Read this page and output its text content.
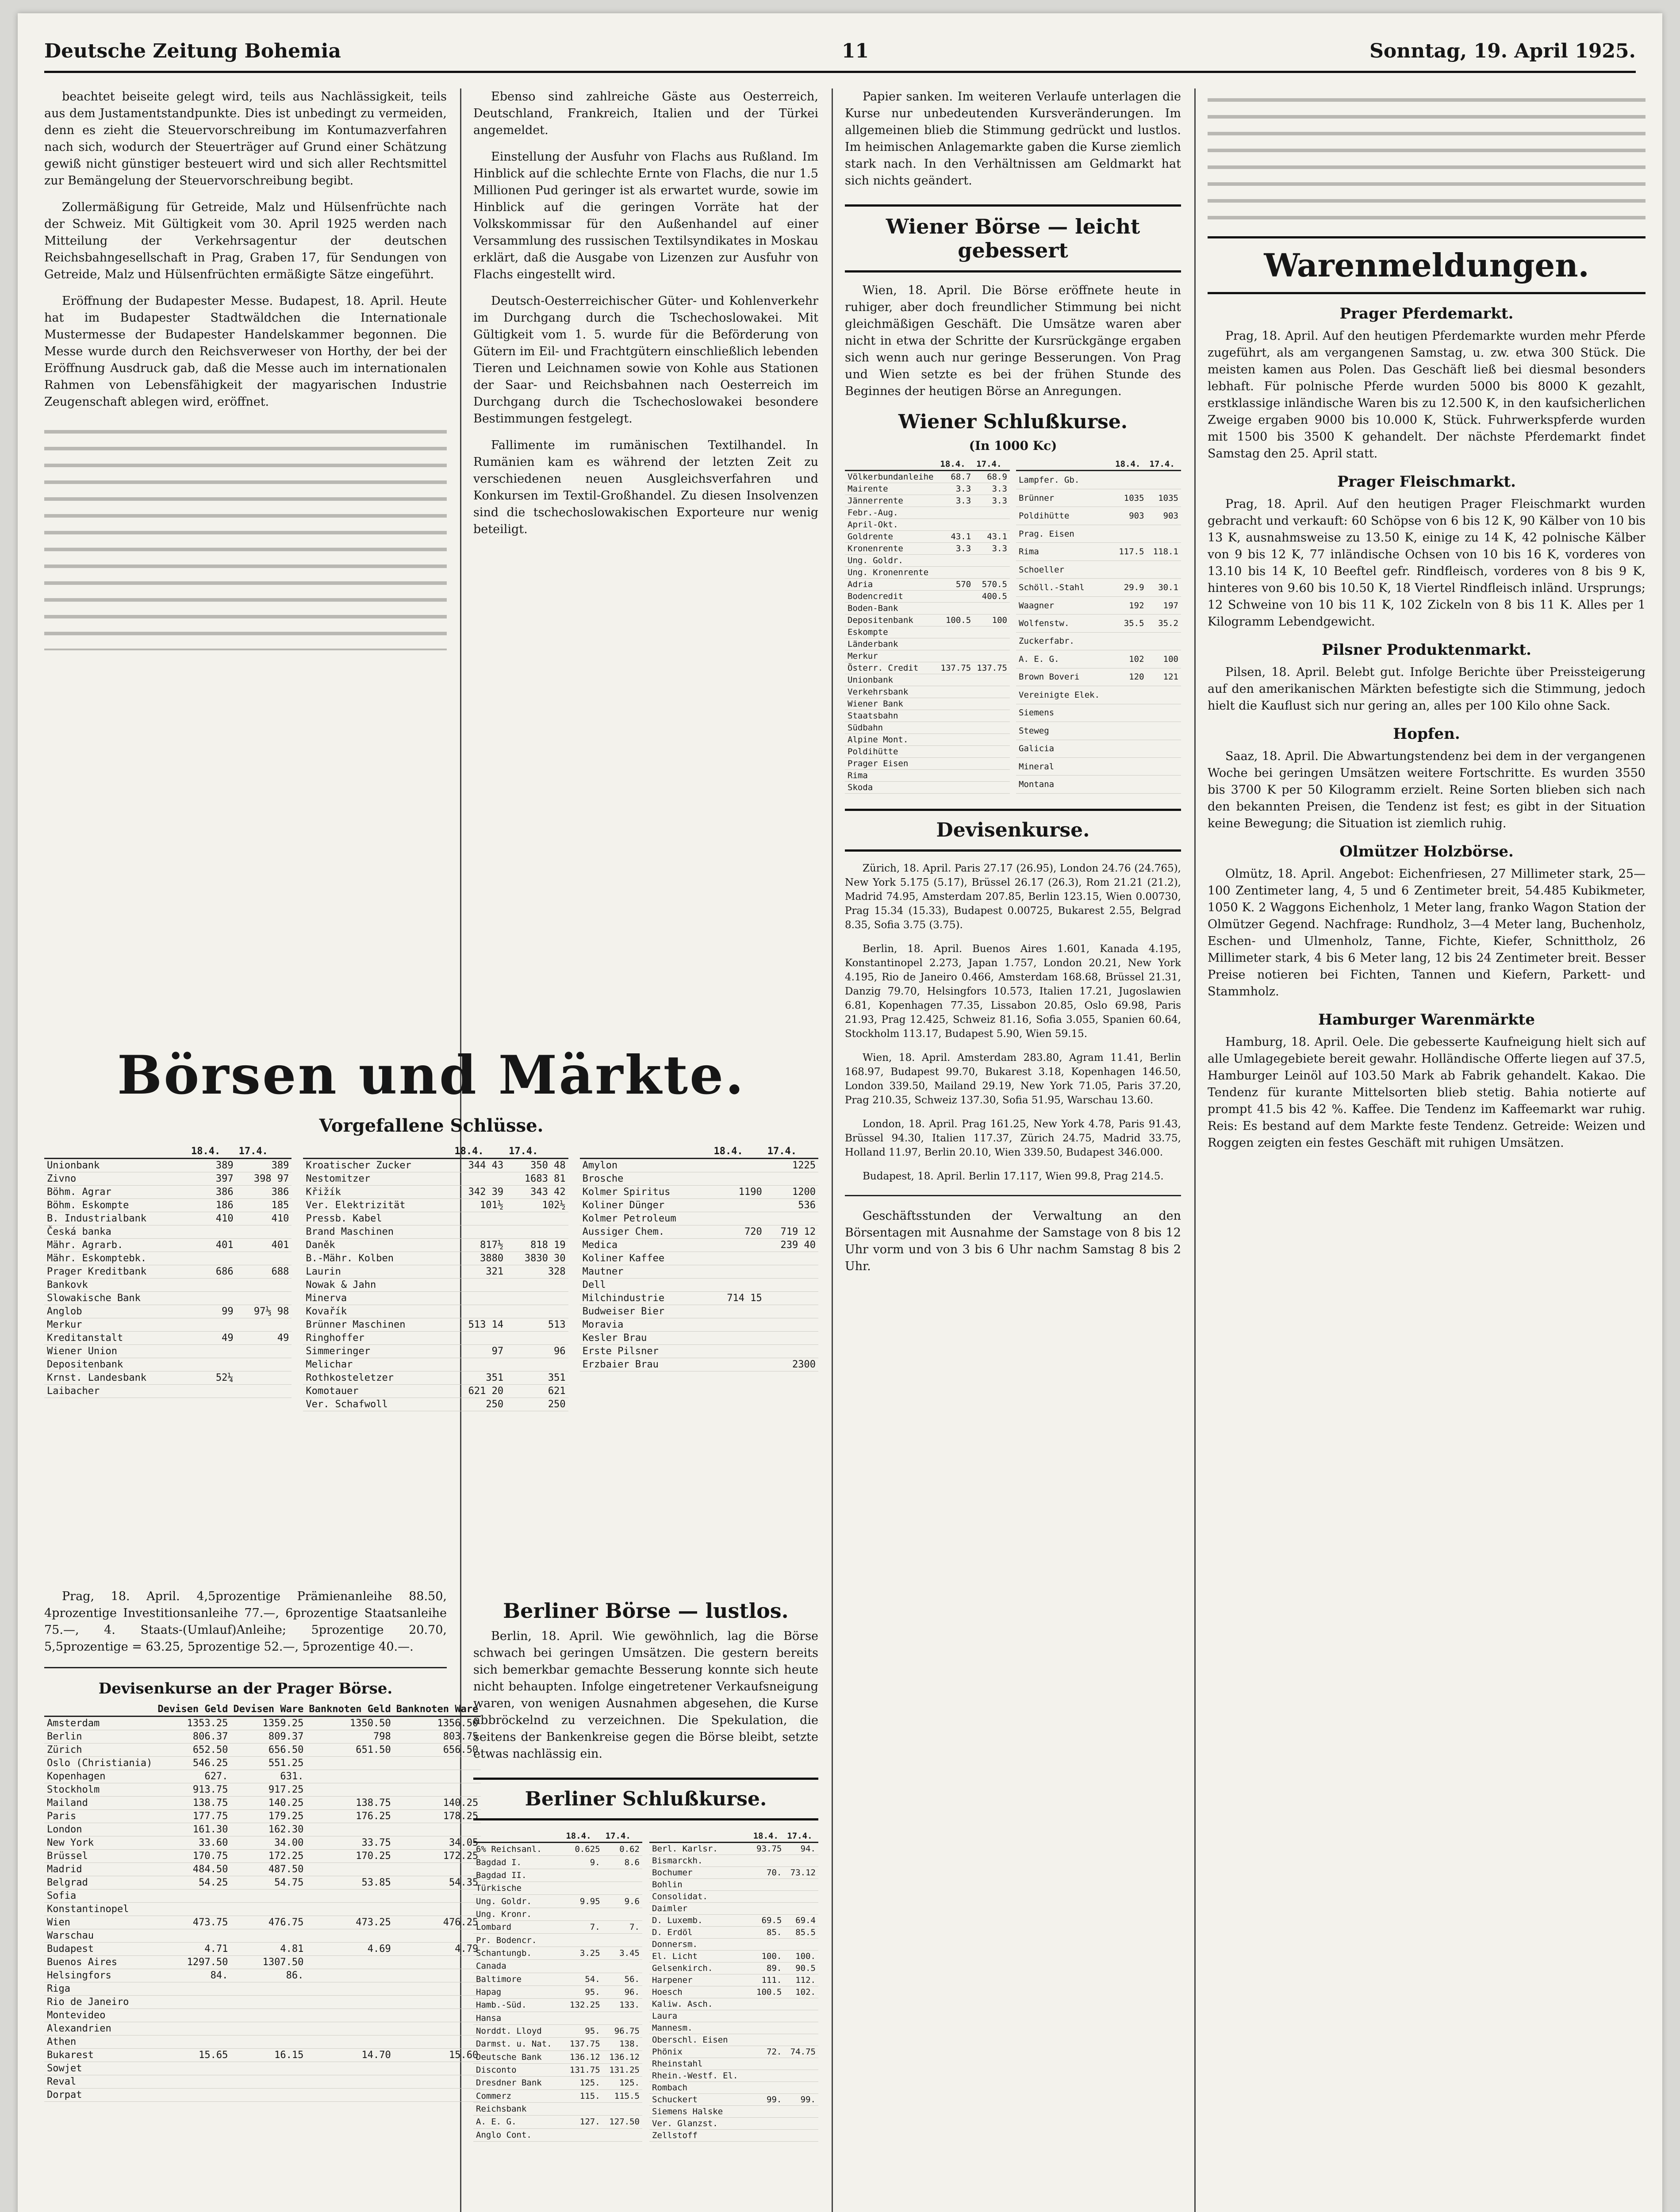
Deutsche Zeitung Bohemia	11	Sonntag, 19. April 1925.

beachtet beiseite gelegt wird, teils aus Nachlässigkeit, teils aus dem Justamentstandpunkte. Dies ist unbedingt zu vermeiden, denn es zieht die Steuervorschreibung im Kontumazverfahren nach sich, wodurch der Steuerträger auf Grund einer Schätzung gewiß nicht günstiger besteuert wird und sich aller Rechtsmittel zur Bemängelung der Steuervorschreibung begibt.

Zollermäßigung für Getreide, Malz und Hülsenfrüchte nach der Schweiz. Mit Gültigkeit vom 30. April 1925 werden nach Mitteilung der Verkehrsagentur der deutschen Reichsbahngesellschaft in Prag, Graben 17, für Sendungen von Getreide, Malz und Hülsenfrüchten ermäßigte Sätze eingeführt.

Eröffnung der Budapester Messe. Budapest, 18. April. Heute hat im Budapester Stadtwäldchen die Internationale Mustermesse der Budapester Handelskammer begonnen. Die Messe wurde durch den Reichsverweser von Horthy, der bei der Eröffnung Ausdruck gab, daß die Messe auch im internationalen Rahmen von Lebensfähigkeit der magyarischen Industrie Zeugenschaft ablegen wird, eröffnet.

Ebenso sind zahlreiche Gäste aus Oesterreich, Deutschland, Frankreich, Italien und der Türkei angemeldet.

Einstellung der Ausfuhr von Flachs aus Rußland. Im Hinblick auf die schlechte Ernte von Flachs, die nur 1.5 Millionen Pud geringer ist als erwartet wurde, sowie im Hinblick auf die geringen Vorräte hat der Volkskommissar für den Außenhandel auf einer Versammlung des russischen Textilsyndikates in Moskau erklärt, daß die Ausgabe von Lizenzen zur Ausfuhr von Flachs eingestellt wird.

Deutsch-Oesterreichischer Güter- und Kohlenverkehr im Durchgang durch die Tschechoslowakei. Mit Gültigkeit vom 1. 5. wurde für die Beförderung von Gütern im Eil- und Frachtgütern einschließlich lebenden Tieren und Leichnamen sowie von Kohle aus Stationen der Saar- und Reichsbahnen nach Oesterreich im Durchgang durch die Tschechoslowakei besondere Bestimmungen festgelegt.

Fallimente im rumänischen Textilhandel. In Rumänien kam es während der letzten Zeit zu verschiedenen neuen Ausgleichsverfahren und Konkursen im Textil-Großhandel. Zu diesen Insolvenzen sind die tschechoslowakischen Exporteure nur wenig beteiligt.

Börsen und Märkte.
Vorgefallene Schlüsse.
	18.4.	17.4.
Unionbank	389	389
Zivno	397	398 97
Böhm. Agrar	386	386
Böhm. Eskompte	186	185
B. Industrialbank	410	410
Česká banka		
Mähr. Agrarb.	401	401
Mähr. Eskomptebk.		
Prager Kreditbank	686	688
Bankovk		
Slowakische Bank		
Anglob	99	97⅓ 98
Merkur		
Kreditanstalt	49	49
Wiener Union		
Depositenbank		
Krnst. Landesbank	52¼	
Laibacher		
	18.4.	17.4.
Kroatischer Zucker	344 43	350 48
Nestomitzer		1683 81
Křižík	342 39	343 42
Ver. Elektrizität	101½	102½
Pressb. Kabel		
Brand Maschinen		
Daněk	817½	818 19
B.-Mähr. Kolben	3880	3830 30
Laurin	321	328
Nowak & Jahn		
Minerva		
Kovařík		
Brünner Maschinen	513 14	513
Ringhoffer		
Simmeringer	97	96
Melichar		
Rothkosteletzer	351	351
Komotauer	621 20	621
Ver. Schafwoll	250	250
	18.4.	17.4.
Amylon		1225
Brosche		
Kolmer Spiritus	1190	1200
Koliner Dünger		536
Kolmer Petroleum		
Aussiger Chem.	720	719 12
Medica		239 40
Koliner Kaffee		
Mautner		
Dell		
Milchindustrie	714 15	
Budweiser Bier		
Moravia		
Kesler Brau		
Erste Pilsner		
Erzbaier Brau		2300

Prag, 18. April. 4,5prozentige Prämienanleihe 88.50, 4prozentige Investitionsanleihe 77.—, 6prozentige Staatsanleihe 75.—, 4. Staats-(Umlauf)Anleihe; 5prozentige 20.70, 5,5prozentige = 63.25, 5prozentige 52.—, 5prozentige 40.—.

Devisenkurse an der Prager Börse.
	Devisen Geld	Devisen Ware	Banknoten Geld	Banknoten Ware
Amsterdam	1353.25	1359.25	1350.50	1356.50
Berlin	806.37	809.37	798	803.75
Zürich	652.50	656.50	651.50	656.50
Oslo (Christiania)	546.25	551.25		
Kopenhagen	627.	631.		
Stockholm	913.75	917.25		
Mailand	138.75	140.25	138.75	140.25
Paris	177.75	179.25	176.25	178.25
London	161.30	162.30		
New York	33.60	34.00	33.75	34.05
Brüssel	170.75	172.25	170.25	172.25
Madrid	484.50	487.50		
Belgrad	54.25	54.75	53.85	54.35
Sofia				
Konstantinopel				
Wien	473.75	476.75	473.25	476.25
Warschau				
Budapest	4.71	4.81	4.69	4.79
Buenos Aires	1297.50	1307.50		
Helsingfors	84.	86.		
Riga				
Rio de Janeiro				
Montevideo				
Alexandrien				
Athen				
Bukarest	15.65	16.15	14.70	15.60
Sowjet				
Reval				
Dorpat				
Berliner Börse — lustlos.

Berlin, 18. April. Wie gewöhnlich, lag die Börse schwach bei geringen Umsätzen. Die gestern bereits sich bemerkbar gemachte Besserung konnte sich heute nicht behaupten. Infolge eingetretener Verkaufsneigung waren, von wenigen Ausnahmen abgesehen, die Kurse abbröckelnd zu verzeichnen. Die Spekulation, die seitens der Bankenkreise gegen die Börse bleibt, setzte etwas nachlässig ein.

Berliner Schlußkurse.
	18.4.	17.4.
6% Reichsanl.	0.625	0.62
Bagdad I.	9.	8.6
Bagdad II.		
Türkische		
Ung. Goldr.	9.95	9.6
Ung. Kronr.		
Lombard	7.	7.
Pr. Bodencr.		
Schantungb.	3.25	3.45
Canada		
Baltimore	54.	56.
Hapag	95.	96.
Hamb.-Süd.	132.25	133.
Hansa		
Norddt. Lloyd	95.	96.75
Darmst. u. Nat.	137.75	138.
Deutsche Bank	136.12	136.12
Disconto	131.75	131.25
Dresdner Bank	125.	125.
Commerz	115.	115.5
Reichsbank		
A. E. G.	127.	127.50
Anglo Cont.		
	18.4.	17.4.
Berl. Karlsr.	93.75	94.
Bismarckh.		
Bochumer	70.	73.12
Bohlin		
Consolidat.		
Daimler		
D. Luxemb.	69.5	69.4
D. Erdöl	85.	85.5
Donnersm.		
El. Licht	100.	100.
Gelsenkirch.	89.	90.5
Harpener	111.	112.
Hoesch	100.5	102.
Kaliw. Asch.		
Laura		
Mannesm.		
Oberschl. Eisen		
Phönix	72.	74.75
Rheinstahl		
Rhein.-Westf. El.		
Rombach		
Schuckert	99.	99.
Siemens Halske		
Ver. Glanzst.		
Zellstoff		

Papier sanken. Im weiteren Verlaufe unterlagen die Kurse nur unbedeutenden Kursveränderungen. Im allgemeinen blieb die Stimmung gedrückt und lustlos. Im heimischen Anlagemarkte gaben die Kurse ziemlich stark nach. In den Verhältnissen am Geldmarkt hat sich nichts geändert.

Wiener Börse — leicht gebessert

Wien, 18. April. Die Börse eröffnete heute in ruhiger, aber doch freundlicher Stimmung bei nicht gleichmäßigen Geschäft. Die Umsätze waren aber nicht in etwa der Schritte der Kursrückgänge ergaben sich wenn auch nur geringe Besserungen. Von Prag und Wien setzte es bei der frühen Stunde des Beginnes der heutigen Börse an Anregungen.

Wiener Schlußkurse.
(In 1000 Kc)
	18.4.	17.4.
Völkerbundanleihe	68.7	68.9
Mairente	3.3	3.3
Jännerrente	3.3	3.3
Febr.-Aug.		
April-Okt.		
Goldrente	43.1	43.1
Kronenrente	3.3	3.3
Ung. Goldr.		
Ung. Kronenrente		
Adria	570	570.5
Bodencredit		400.5
Boden-Bank		
Depositenbank	100.5	100
Eskompte		
Länderbank		
Merkur		
Österr. Credit	137.75	137.75
Unionbank		
Verkehrsbank		
Wiener Bank		
Staatsbahn		
Südbahn		
Alpine Mont.		
Poldihütte		
Prager Eisen		
Rima		
Skoda		
	18.4.	17.4.
Lampfer. Gb.		
Brünner	1035	1035
Poldihütte	903	903
Prag. Eisen		
Rima	117.5	118.1
Schoeller		
Schöll.-Stahl	29.9	30.1
Waagner	192	197
Wolfenstw.	35.5	35.2
Zuckerfabr.		
A. E. G.	102	100
Brown Boveri	120	121
Vereinigte Elek.		
Siemens		
Steweg		
Galicia		
Mineral		
Montana		
Devisenkurse.

Zürich, 18. April. Paris 27.17 (26.95), London 24.76 (24.765), New York 5.175 (5.17), Brüssel 26.17 (26.3), Rom 21.21 (21.2), Madrid 74.95, Amsterdam 207.85, Berlin 123.15, Wien 0.00730, Prag 15.34 (15.33), Budapest 0.00725, Bukarest 2.55, Belgrad 8.35, Sofia 3.75 (3.75).

Berlin, 18. April. Buenos Aires 1.601, Kanada 4.195, Konstantinopel 2.273, Japan 1.757, London 20.21, New York 4.195, Rio de Janeiro 0.466, Amsterdam 168.68, Brüssel 21.31, Danzig 79.70, Helsingfors 10.573, Italien 17.21, Jugoslawien 6.81, Kopenhagen 77.35, Lissabon 20.85, Oslo 69.98, Paris 21.93, Prag 12.425, Schweiz 81.16, Sofia 3.055, Spanien 60.64, Stockholm 113.17, Budapest 5.90, Wien 59.15.

Wien, 18. April. Amsterdam 283.80, Agram 11.41, Berlin 168.97, Budapest 99.70, Bukarest 3.18, Kopenhagen 146.50, London 339.50, Mailand 29.19, New York 71.05, Paris 37.20, Prag 210.35, Schweiz 137.30, Sofia 51.95, Warschau 13.60.

London, 18. April. Prag 161.25, New York 4.78, Paris 91.43, Brüssel 94.30, Italien 117.37, Zürich 24.75, Madrid 33.75, Holland 11.97, Berlin 20.10, Wien 339.50, Budapest 346.000.

Budapest, 18. April. Berlin 17.117, Wien 99.8, Prag 214.5.

Geschäftsstunden der Verwaltung an den Börsentagen mit Ausnahme der Samstage von 8 bis 12 Uhr vorm und von 3 bis 6 Uhr nachm Samstag 8 bis 2 Uhr.

Warenmeldungen.
Prager Pferdemarkt.

Prag, 18. April. Auf den heutigen Pferdemarkte wurden mehr Pferde zugeführt, als am vergangenen Samstag, u. zw. etwa 300 Stück. Die meisten kamen aus Polen. Das Geschäft ließ bei diesmal besonders lebhaft. Für polnische Pferde wurden 5000 bis 8000 K gezahlt, erstklassige inländische Waren bis zu 12.500 K, in den kaufsicherlichen Zweige ergaben 9000 bis 10.000 K, Stück. Fuhrwerkspferde wurden mit 1500 bis 3500 K gehandelt. Der nächste Pferdemarkt findet Samstag den 25. April statt.

Prager Fleischmarkt.

Prag, 18. April. Auf den heutigen Prager Fleischmarkt wurden gebracht und verkauft: 60 Schöpse von 6 bis 12 K, 90 Kälber von 10 bis 13 K, ausnahmsweise zu 13.50 K, einige zu 14 K, 42 polnische Kälber von 9 bis 12 K, 77 inländische Ochsen von 10 bis 16 K, vorderes von 13.10 bis 14 K, 10 Beeftel gefr. Rindfleisch, vorderes von 8 bis 9 K, hinteres von 9.60 bis 10.50 K, 18 Viertel Rindfleisch inländ. Ursprungs; 12 Schweine von 10 bis 11 K, 102 Zickeln von 8 bis 11 K. Alles per 1 Kilogramm Lebendgewicht.

Pilsner Produktenmarkt.

Pilsen, 18. April. Belebt gut. Infolge Berichte über Preissteigerung auf den amerikanischen Märkten befestigte sich die Stimmung, jedoch hielt die Kauflust sich nur gering an, alles per 100 Kilo ohne Sack.

Hopfen.

Saaz, 18. April. Die Abwartungstendenz bei dem in der vergangenen Woche bei geringen Umsätzen weitere Fortschritte. Es wurden 3550 bis 3700 K per 50 Kilogramm erzielt. Reine Sorten blieben sich nach den bekannten Preisen, die Tendenz ist fest; es gibt in der Situation keine Bewegung; die Situation ist ziemlich ruhig.

Olmützer Holzbörse.

Olmütz, 18. April. Angebot: Eichenfriesen, 27 Millimeter stark, 25—100 Zentimeter lang, 4, 5 und 6 Zentimeter breit, 54.485 Kubikmeter, 1050 K. 2 Waggons Eichenholz, 1 Meter lang, franko Wagon Station der Olmützer Gegend. Nachfrage: Rundholz, 3—4 Meter lang, Buchenholz, Eschen- und Ulmenholz, Tanne, Fichte, Kiefer, Schnittholz, 26 Millimeter stark, 4 bis 6 Meter lang, 12 bis 24 Zentimeter breit. Besser Preise notieren bei Fichten, Tannen und Kiefern, Parkett- und Stammholz.

Hamburger Warenmärkte

Hamburg, 18. April. Oele. Die gebesserte Kaufneigung hielt sich auf alle Umlagegebiete bereit gewahr. Holländische Offerte liegen auf 37.5, Hamburger Leinöl auf 103.50 Mark ab Fabrik gehandelt. Kakao. Die Tendenz für kurante Mittelsorten blieb stetig. Bahia notierte auf prompt 41.5 bis 42 %. Kaffee. Die Tendenz im Kaffeemarkt war ruhig. Reis: Es bestand auf dem Markte feste Tendenz. Getreide: Weizen und Roggen zeigten ein festes Geschäft mit ruhigen Umsätzen.
